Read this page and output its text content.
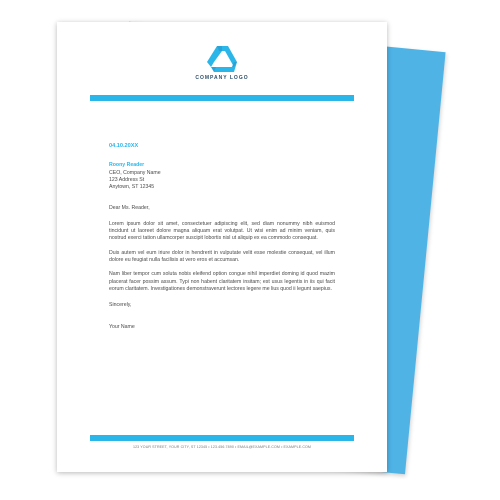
COMPANY LOGO
04.10.20XX
Roony Reader
CEO, Company Name
123 Address St
Anytown, ST 12345

Dear Ms. Reader,

Lorem ipsum dolor sit amet, consectetuer adipiscing elit, sed diam nonummy nibh euismod tincidunt ut laoreet dolore magna aliquam erat volutpat. Ut wisi enim ad minim veniam, quis nostrud exerci tation ullamcorper suscipit lobortis nisl ut aliquip ex ea commodo consequat.

Duis autem vel eum iriure dolor in hendrerit in vulputate velit esse molestie consequat, vel illum dolore eu feugiat nulla facilisis at vero eros et accumsan.

Nam liber tempor cum soluta nobis eleifend option congue nihil imperdiet doming id quod mazim placerat facer possim assum. Typi non habent claritatem insitam; est usus legentis in iis qui facit eorum claritatem. Investigationes demonstraverunt lectores legere me lius quod ii legunt saepius.

Sincerely,
Your Name
123 YOUR STREET, YOUR CITY, ST 12345 • 123.456.7890 • EMAIL@EXAMPLE.COM • EXAMPLE.COM
